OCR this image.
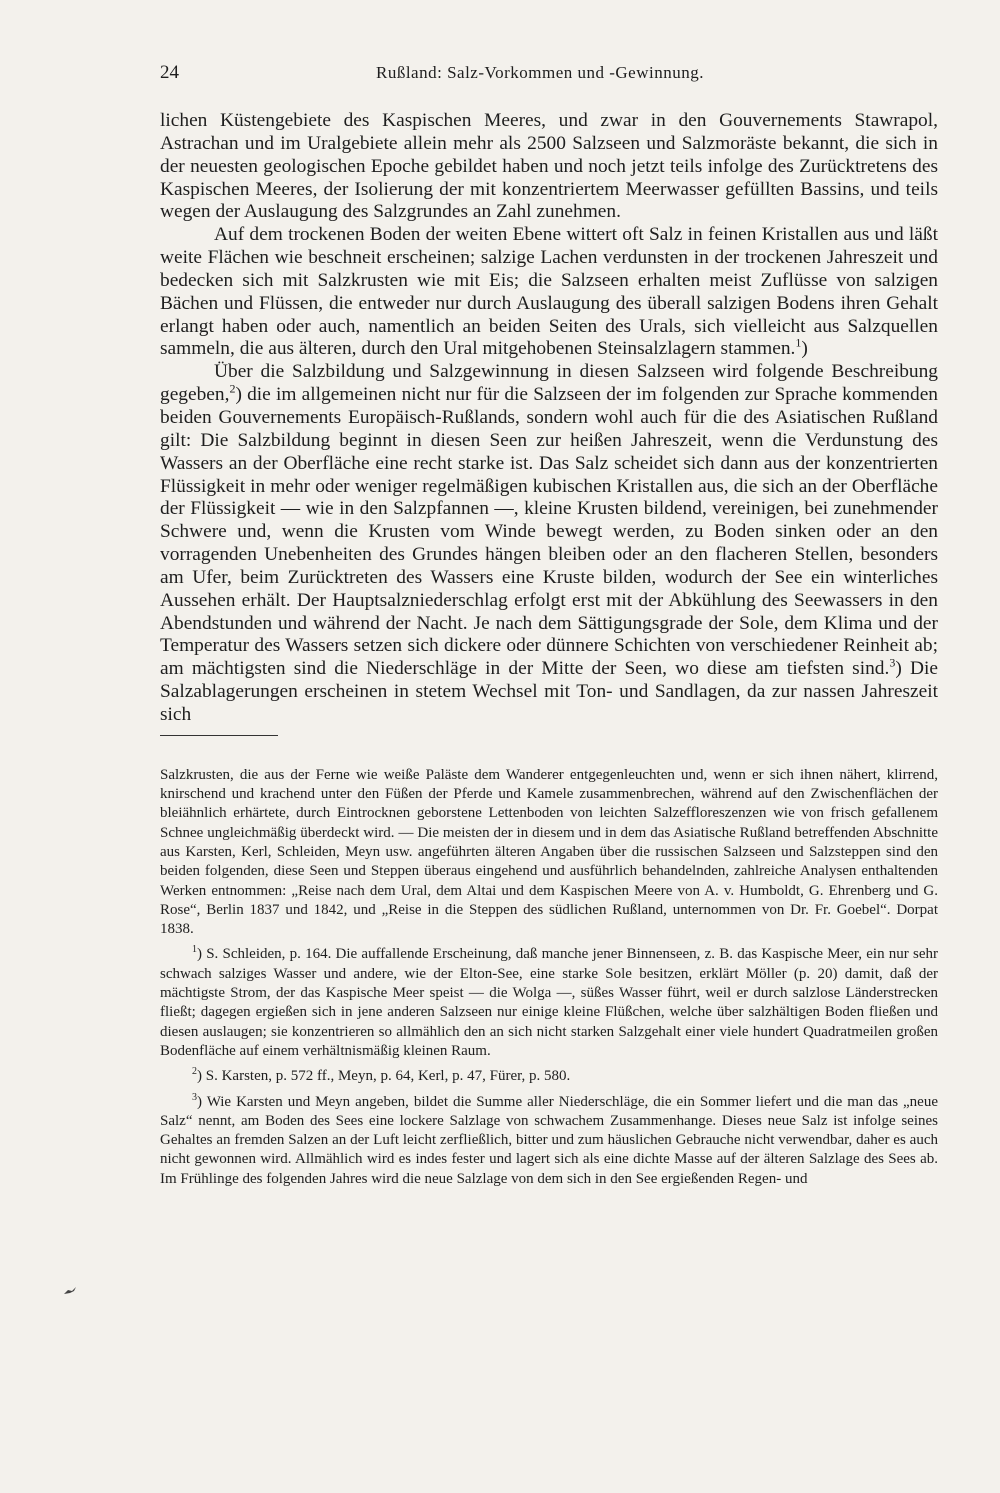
24	Rußland: Salz-Vorkommen und -Gewinnung.

lichen Küstengebiete des Kaspischen Meeres, und zwar in den Gouvernements Stawrapol, Astrachan und im Uralgebiete allein mehr als 2500 Salzseen und Salzmoräste bekannt, die sich in der neuesten geologischen Epoche gebildet haben und noch jetzt teils infolge des Zurücktretens des Kaspischen Meeres, der Isolierung der mit konzentriertem Meerwasser gefüllten Bassins, und teils wegen der Auslaugung des Salzgrundes an Zahl zunehmen.

Auf dem trockenen Boden der weiten Ebene wittert oft Salz in feinen Kristallen aus und läßt weite Flächen wie beschneit erscheinen; salzige Lachen verdunsten in der trockenen Jahreszeit und bedecken sich mit Salzkrusten wie mit Eis; die Salzseen erhalten meist Zuflüsse von salzigen Bächen und Flüssen, die entweder nur durch Auslaugung des überall salzigen Bodens ihren Gehalt erlangt haben oder auch, namentlich an beiden Seiten des Urals, sich vielleicht aus Salzquellen sammeln, die aus älteren, durch den Ural mitgehobenen Steinsalzlagern stammen.$^1$)

Über die Salzbildung und Salzgewinnung in diesen Salzseen wird folgende Beschreibung gegeben,$^2$) die im allgemeinen nicht nur für die Salzseen der im folgenden zur Sprache kommenden beiden Gouvernements Europäisch-Rußlands, sondern wohl auch für die des Asiatischen Rußland gilt: Die Salzbildung beginnt in diesen Seen zur heißen Jahreszeit, wenn die Verdunstung des Wassers an der Oberfläche eine recht starke ist. Das Salz scheidet sich dann aus der konzentrierten Flüssigkeit in mehr oder weniger regelmäßigen kubischen Kristallen aus, die sich an der Oberfläche der Flüssigkeit — wie in den Salzpfannen —, kleine Krusten bildend, vereinigen, bei zunehmender Schwere und, wenn die Krusten vom Winde bewegt werden, zu Boden sinken oder an den vorragenden Unebenheiten des Grundes hängen bleiben oder an den flacheren Stellen, besonders am Ufer, beim Zurücktreten des Wassers eine Kruste bilden, wodurch der See ein winterliches Aussehen erhält. Der Hauptsalzniederschlag erfolgt erst mit der Abkühlung des Seewassers in den Abendstunden und während der Nacht. Je nach dem Sättigungsgrade der Sole, dem Klima und der Temperatur des Wassers setzen sich dickere oder dünnere Schichten von verschiedener Reinheit ab; am mächtigsten sind die Niederschläge in der Mitte der Seen, wo diese am tiefsten sind.$^3$) Die Salzablagerungen erscheinen in stetem Wechsel mit Ton- und Sandlagen, da zur nassen Jahreszeit sich

Salzkrusten, die aus der Ferne wie weiße Paläste dem Wanderer entgegenleuchten und, wenn er sich ihnen nähert, klirrend, knirschend und krachend unter den Füßen der Pferde und Kamele zusammenbrechen, während auf den Zwischenflächen der bleiähnlich erhärtete, durch Eintrocknen geborstene Lettenboden von leichten Salzeffloreszenzen wie von frisch gefallenem Schnee ungleichmäßig überdeckt wird. — Die meisten der in diesem und in dem das Asiatische Rußland betreffenden Abschnitte aus Karsten, Kerl, Schleiden, Meyn usw. angeführten älteren Angaben über die russischen Salzseen und Salzsteppen sind den beiden folgenden, diese Seen und Steppen überaus eingehend und ausführlich behandelnden, zahlreiche Analysen enthaltenden Werken entnommen: „Reise nach dem Ural, dem Altai und dem Kaspischen Meere von A. v. Humboldt, G. Ehrenberg und G. Rose“, Berlin 1837 und 1842, und „Reise in die Steppen des südlichen Rußland, unternommen von Dr. Fr. Goebel“. Dorpat 1838.

$^1$) S. Schleiden, p. 164. Die auffallende Erscheinung, daß manche jener Binnenseen, z. B. das Kaspische Meer, ein nur sehr schwach salziges Wasser und andere, wie der Elton-See, eine starke Sole besitzen, erklärt Möller (p. 20) damit, daß der mächtigste Strom, der das Kaspische Meer speist — die Wolga —, süßes Wasser führt, weil er durch salzlose Länderstrecken fließt; dagegen ergießen sich in jene anderen Salzseen nur einige kleine Flüßchen, welche über salzhältigen Boden fließen und diesen auslaugen; sie konzentrieren so allmählich den an sich nicht starken Salzgehalt einer viele hundert Quadratmeilen großen Bodenfläche auf einem verhältnismäßig kleinen Raum.

$^2$) S. Karsten, p. 572 ff., Meyn, p. 64, Kerl, p. 47, Fürer, p. 580.

$^3$) Wie Karsten und Meyn angeben, bildet die Summe aller Niederschläge, die ein Sommer liefert und die man das „neue Salz“ nennt, am Boden des Sees eine lockere Salzlage von schwachem Zusammenhange. Dieses neue Salz ist infolge seines Gehaltes an fremden Salzen an der Luft leicht zerfließlich, bitter und zum häuslichen Gebrauche nicht verwendbar, daher es auch nicht gewonnen wird. Allmählich wird es indes fester und lagert sich als eine dichte Masse auf der älteren Salzlage des Sees ab. Im Frühlinge des folgenden Jahres wird die neue Salzlage von dem sich in den See ergießenden Regen- und
